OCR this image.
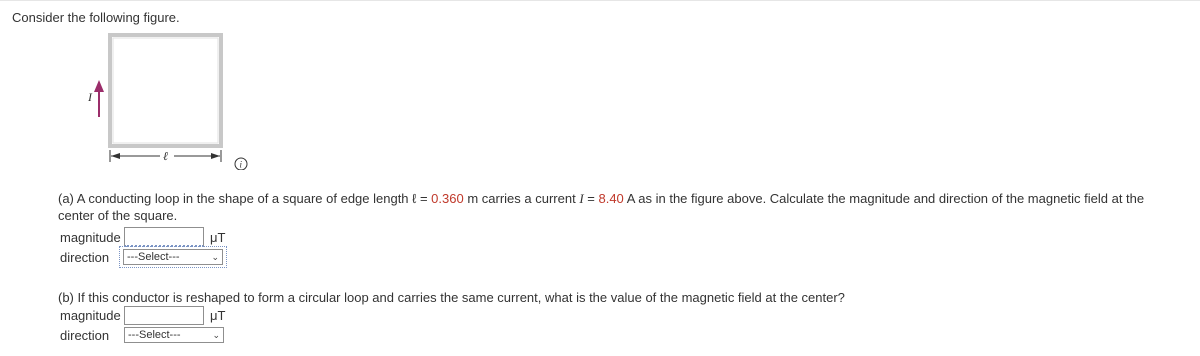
Consider the following figure.
I
ℓ
i
(a) A conducting loop in the shape of a square of edge length ℓ = 0.360 m carries a current I = 8.40 A as in the figure above. Calculate the magnitude and direction of the magnetic field at the
center of the square.
magnitude	μT
direction	---Select---	⌄
(b) If this conductor is reshaped to form a circular loop and carries the same current, what is the value of the magnetic field at the center?
magnitude	μT
direction	---Select---	⌄
